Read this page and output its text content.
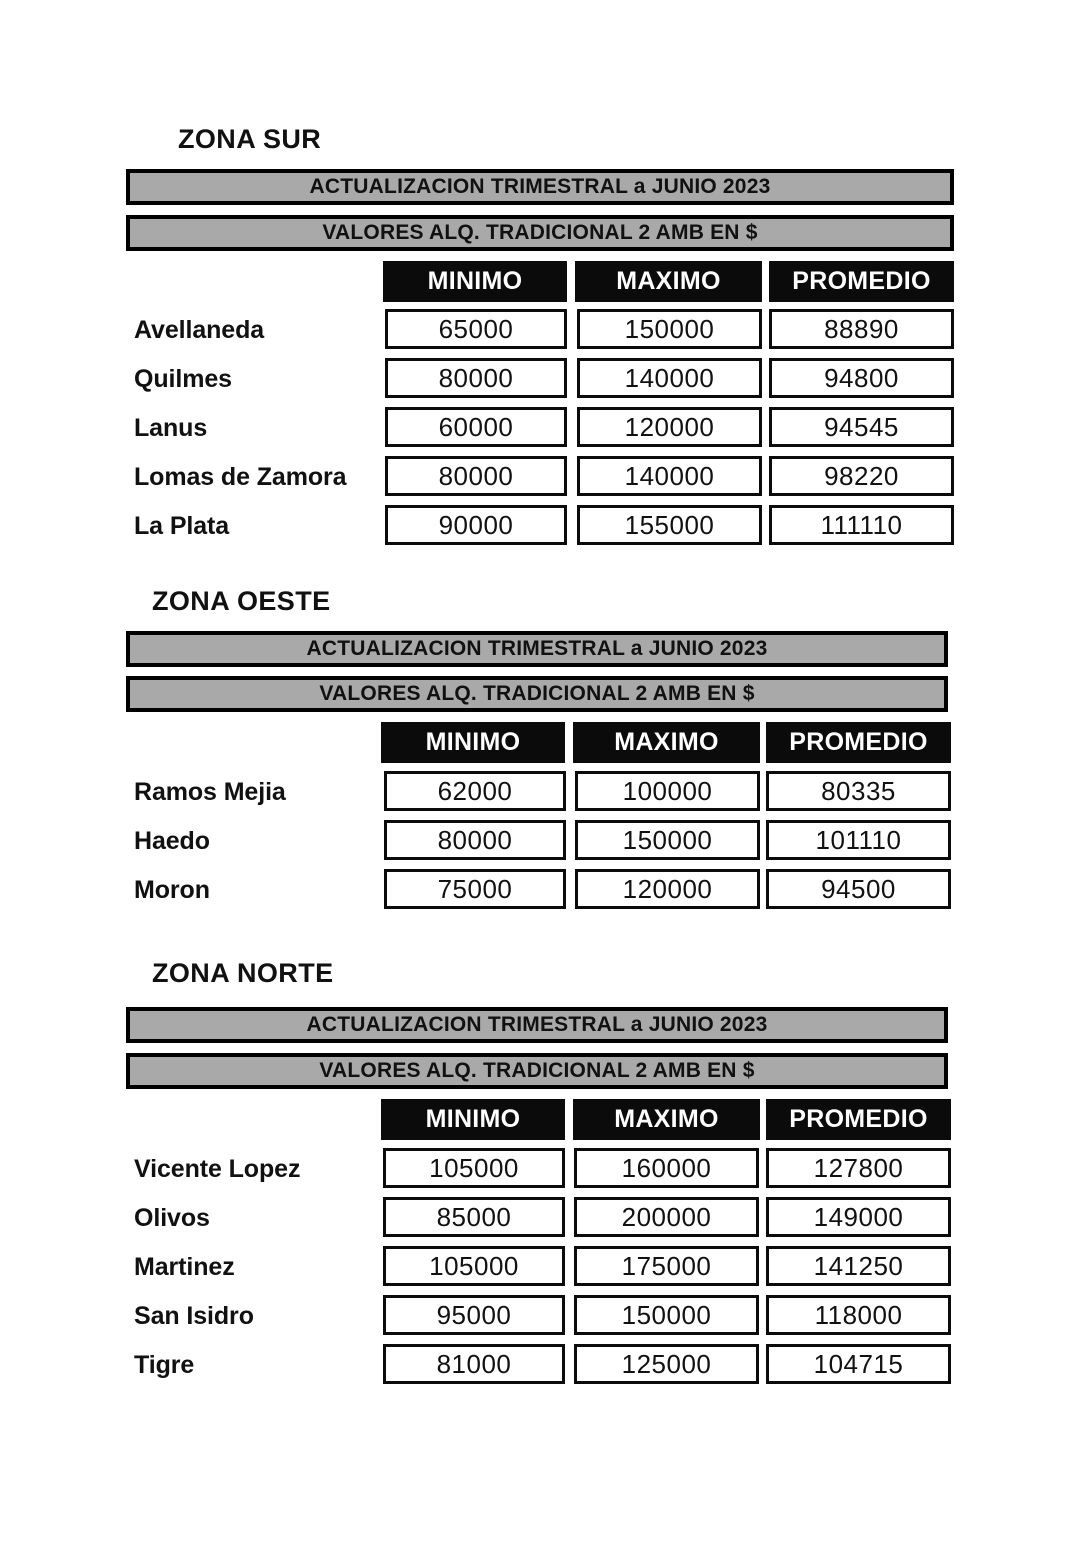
ZONA SUR
ACTUALIZACION TRIMESTRAL a JUNIO 2023
VALORES ALQ. TRADICIONAL 2 AMB EN $
MINIMO	MAXIMO	PROMEDIO
Avellaneda	65000	150000	88890
Quilmes	80000	140000	94800
Lanus	60000	120000	94545
Lomas de Zamora	80000	140000	98220
La Plata	90000	155000	111110
ZONA OESTE
ACTUALIZACION TRIMESTRAL a JUNIO 2023
VALORES ALQ. TRADICIONAL 2 AMB EN $
MINIMO	MAXIMO	PROMEDIO
Ramos Mejia	62000	100000	80335
Haedo	80000	150000	101110
Moron	75000	120000	94500
ZONA NORTE
ACTUALIZACION TRIMESTRAL a JUNIO 2023
VALORES ALQ. TRADICIONAL 2 AMB EN $
MINIMO	MAXIMO	PROMEDIO
Vicente Lopez	105000	160000	127800
Olivos	85000	200000	149000
Martinez	105000	175000	141250
San Isidro	95000	150000	118000
Tigre	81000	125000	104715
